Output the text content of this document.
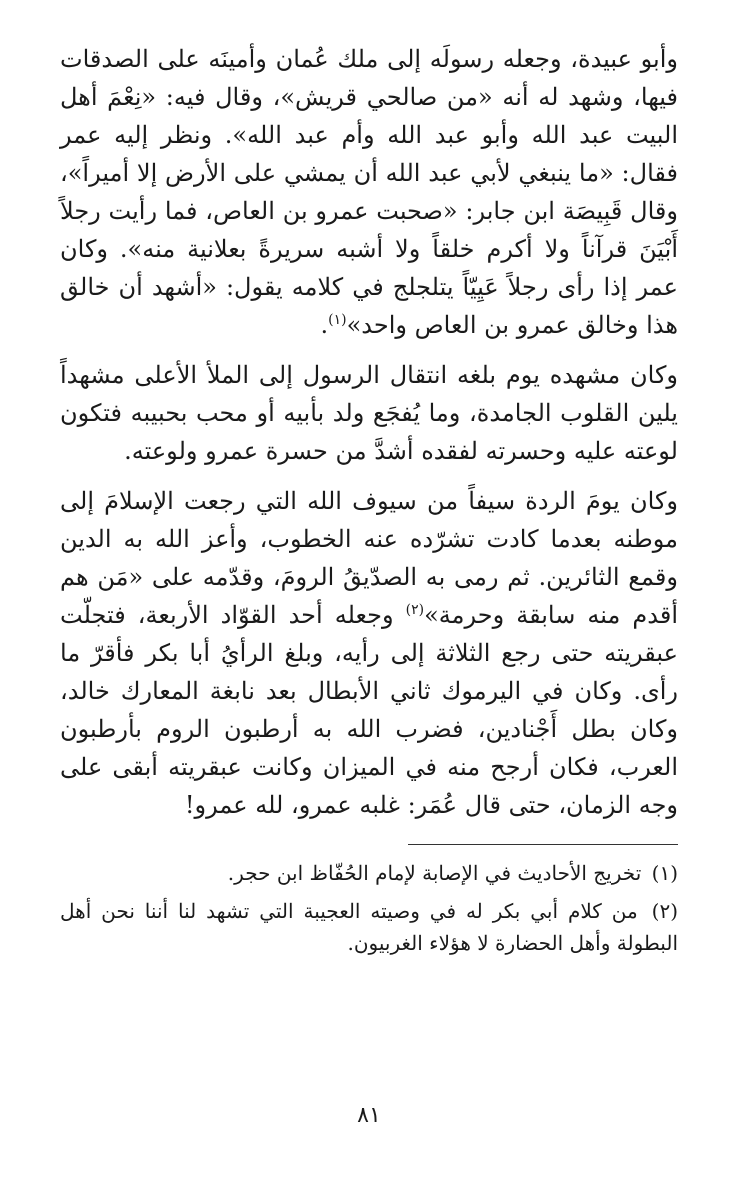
وأبو عبيدة، وجعله رسولَه إلى ملك عُمان وأمينَه على الصدقات فيها، وشهد له أنه «من صالحي قريش»، وقال فيه: «نِعْمَ أهل البيت عبد الله وأبو عبد الله وأم عبد الله». ونظر إليه عمر فقال: «ما ينبغي لأبي عبد الله أن يمشي على الأرض إلا أميراً»، وقال قَبِيصَة ابن جابر: «صحبت عمرو بن العاص، فما رأيت رجلاً أَبْيَنَ قرآناً ولا أكرم خلقاً ولا أشبه سريرةً بعلانية منه». وكان عمر إذا رأى رجلاً عَيِيّاً يتلجلج في كلامه يقول: «أشهد أن خالق هذا وخالق عمرو بن العاص واحد»$^{(١)}$.

وكان مشهده يوم بلغه انتقال الرسول إلى الملأ الأعلى مشهداً يلين القلوب الجامدة، وما يُفجَع ولد بأبيه أو محب بحبيبه فتكون لوعته عليه وحسرته لفقده أشدَّ من حسرة عمرو ولوعته.

وكان يومَ الردة سيفاً من سيوف الله التي رجعت الإسلامَ إلى موطنه بعدما كادت تشرّده عنه الخطوب، وأعز الله به الدين وقمع الثائرين. ثم رمى به الصدّيقُ الرومَ، وقدّمه على «مَن هم أقدم منه سابقة وحرمة»$^{(٢)}$ وجعله أحد القوّاد الأربعة، فتجلّت عبقريته حتى رجع الثلاثة إلى رأيه، وبلغ الرأيُ أبا بكر فأقرّ ما رأى. وكان في اليرموك ثاني الأبطال بعد نابغة المعارك خالد، وكان بطل أَجْنادين، فضرب الله به أرطبون الروم بأرطبون العرب، فكان أرجح منه في الميزان وكانت عبقريته أبقى على وجه الزمان، حتى قال عُمَر: غلبه عمرو، لله عمرو!

(١) تخريج الأحاديث في الإصابة لإمام الحُفّاظ ابن حجر.

(٢) من كلام أبي بكر له في وصيته العجيبة التي تشهد لنا أننا نحن أهل البطولة وأهل الحضارة لا هؤلاء الغربيون.

٨١
